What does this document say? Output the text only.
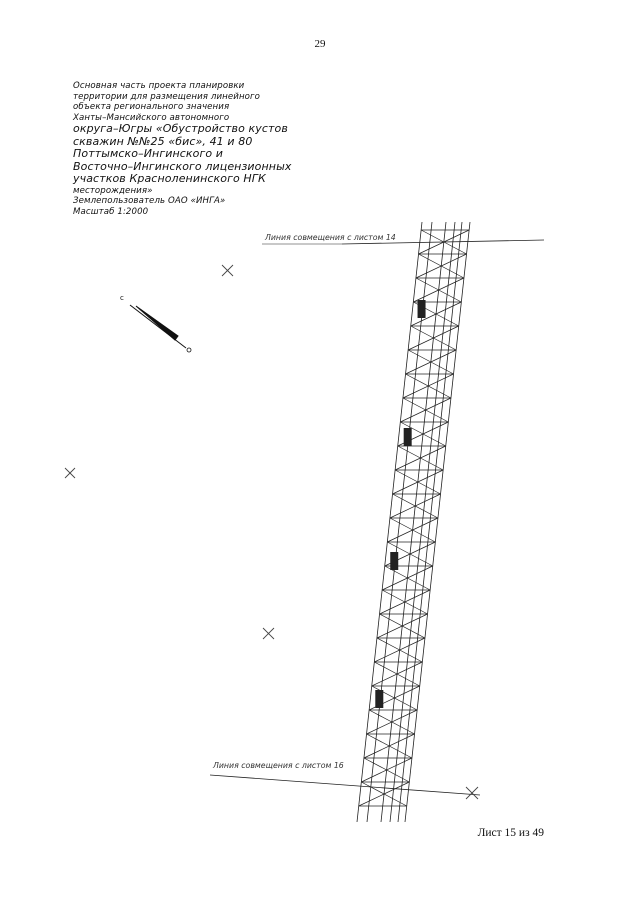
29
Основная часть проекта планировки
территории для размещения линейного
объекта регионального значения
Ханты–Мансийского автономного
округа–Югры «Обустройство кустов
скважин №№25 «бис», 41 и 80
Поттымско–Ингинского и
Восточно–Ингинского лицензионных
участков Красноленинского НГК
месторождения»
Землепользователь ОАО «ИНГА»
Масштаб 1:2000
с
Линия совмещения с листом 14
Линия совмещения с листом 16
Лист 15 из 49
